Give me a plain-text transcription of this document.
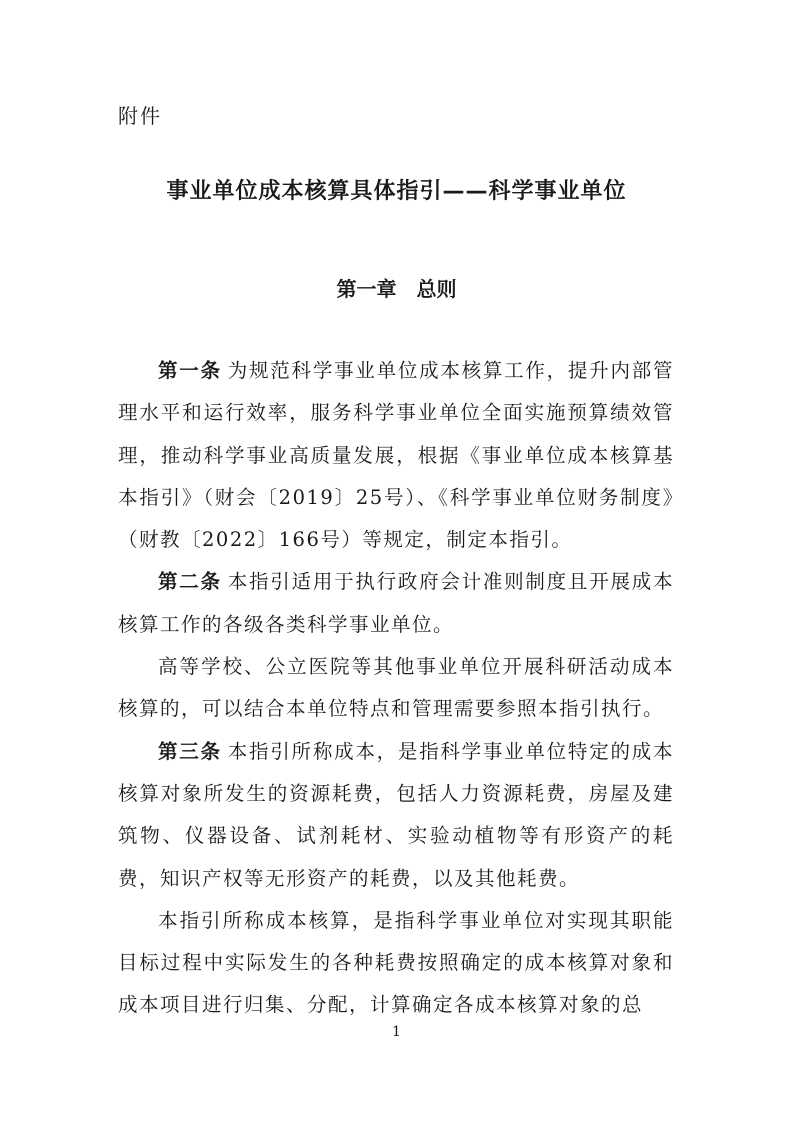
附件
事业单位成本核算具体指引——科学事业单位
第一章　总则

第一条 为规范科学事业单位成本核算工作，提升内部管理水平和运行效率，服务科学事业单位全面实施预算绩效管理，推动科学事业高质量发展，根据《事业单位成本核算基本指引》（财会〔2019〕25号）、《科学事业单位财务制度》（财教〔2022〕166号）等规定，制定本指引。

第二条 本指引适用于执行政府会计准则制度且开展成本核算工作的各级各类科学事业单位。

高等学校、公立医院等其他事业单位开展科研活动成本核算的，可以结合本单位特点和管理需要参照本指引执行。

第三条 本指引所称成本，是指科学事业单位特定的成本核算对象所发生的资源耗费，包括人力资源耗费，房屋及建筑物、仪器设备、试剂耗材、实验动植物等有形资产的耗费，知识产权等无形资产的耗费，以及其他耗费。

本指引所称成本核算，是指科学事业单位对实现其职能目标过程中实际发生的各种耗费按照确定的成本核算对象和成本项目进行归集、分配，计算确定各成本核算对象的总

1
